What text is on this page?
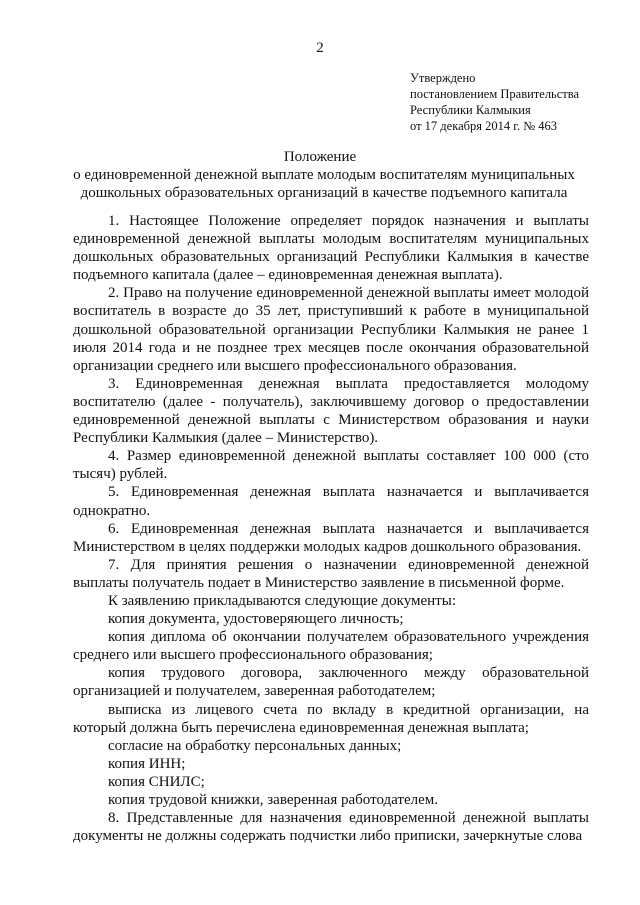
2
Утверждено
постановлением Правительства
Республики Калмыкия
от 17 декабря 2014 г. № 463
Положение
о единовременной денежной выплате молодым воспитателям муниципальных дошкольных образовательных организаций в качестве подъемного капитала

1. Настоящее Положение определяет порядок назначения и выплаты единовременной денежной выплаты молодым воспитателям муниципальных дошкольных образовательных организаций Республики Калмыкия в качестве подъемного капитала (далее – единовременная денежная выплата).

2. Право на получение единовременной денежной выплаты имеет молодой воспитатель в возрасте до 35 лет, приступивший к работе в муниципальной дошкольной образовательной организации Республики Калмыкия не ранее 1 июля 2014 года и не позднее трех месяцев после окончания образовательной организации среднего или высшего профессионального образования.

3. Единовременная денежная выплата предоставляется молодому воспитателю (далее - получатель), заключившему договор о предоставлении единовременной денежной выплаты с Министерством образования и науки Республики Калмыкия (далее – Министерство).

4. Размер единовременной денежной выплаты составляет 100 000 (сто тысяч) рублей.

5. Единовременная денежная выплата назначается и выплачивается однократно.

6. Единовременная денежная выплата назначается и выплачивается Министерством в целях поддержки молодых кадров дошкольного образования.

7. Для принятия решения о назначении единовременной денежной выплаты получатель подает в Министерство заявление в письменной форме.

К заявлению прикладываются следующие документы:

копия документа, удостоверяющего личность;

копия диплома об окончании получателем образовательного учреждения среднего или высшего профессионального образования;

копия трудового договора, заключенного между образовательной организацией и получателем, заверенная работодателем;

выписка из лицевого счета по вкладу в кредитной организации, на который должна быть перечислена единовременная денежная выплата;

согласие на обработку персональных данных;

копия ИНН;

копия СНИЛС;

копия трудовой книжки, заверенная работодателем.

8. Представленные для назначения единовременной денежной выплаты документы не должны содержать подчистки либо приписки, зачеркнутые слова
